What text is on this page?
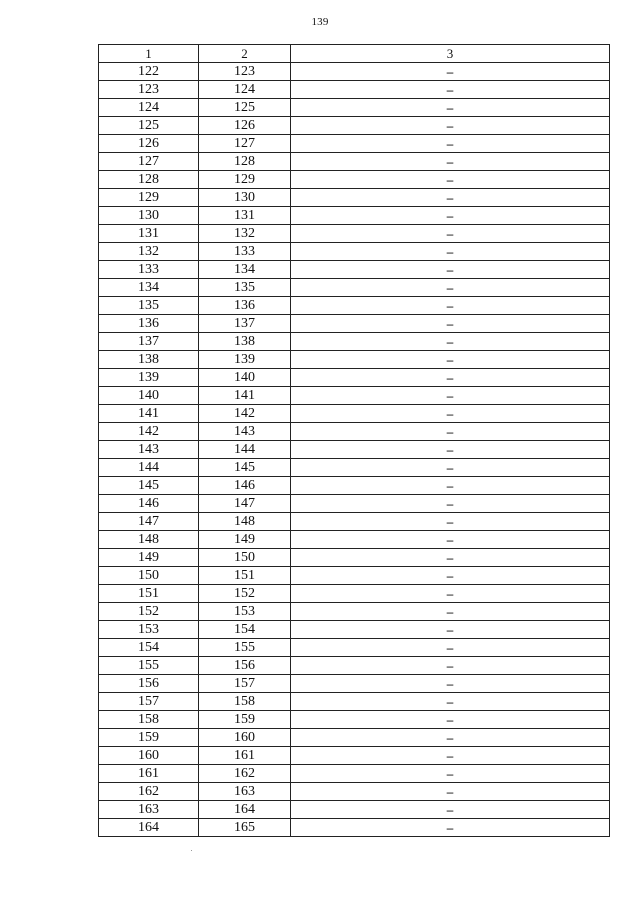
139
1	2	3
122	123	–
123	124	–
124	125	–
125	126	–
126	127	–
127	128	–
128	129	–
129	130	–
130	131	–
131	132	–
132	133	–
133	134	–
134	135	–
135	136	–
136	137	–
137	138	–
138	139	–
139	140	–
140	141	–
141	142	–
142	143	–
143	144	–
144	145	–
145	146	–
146	147	–
147	148	–
148	149	–
149	150	–
150	151	–
151	152	–
152	153	–
153	154	–
154	155	–
155	156	–
156	157	–
157	158	–
158	159	–
159	160	–
160	161	–
161	162	–
162	163	–
163	164	–
164	165	–
